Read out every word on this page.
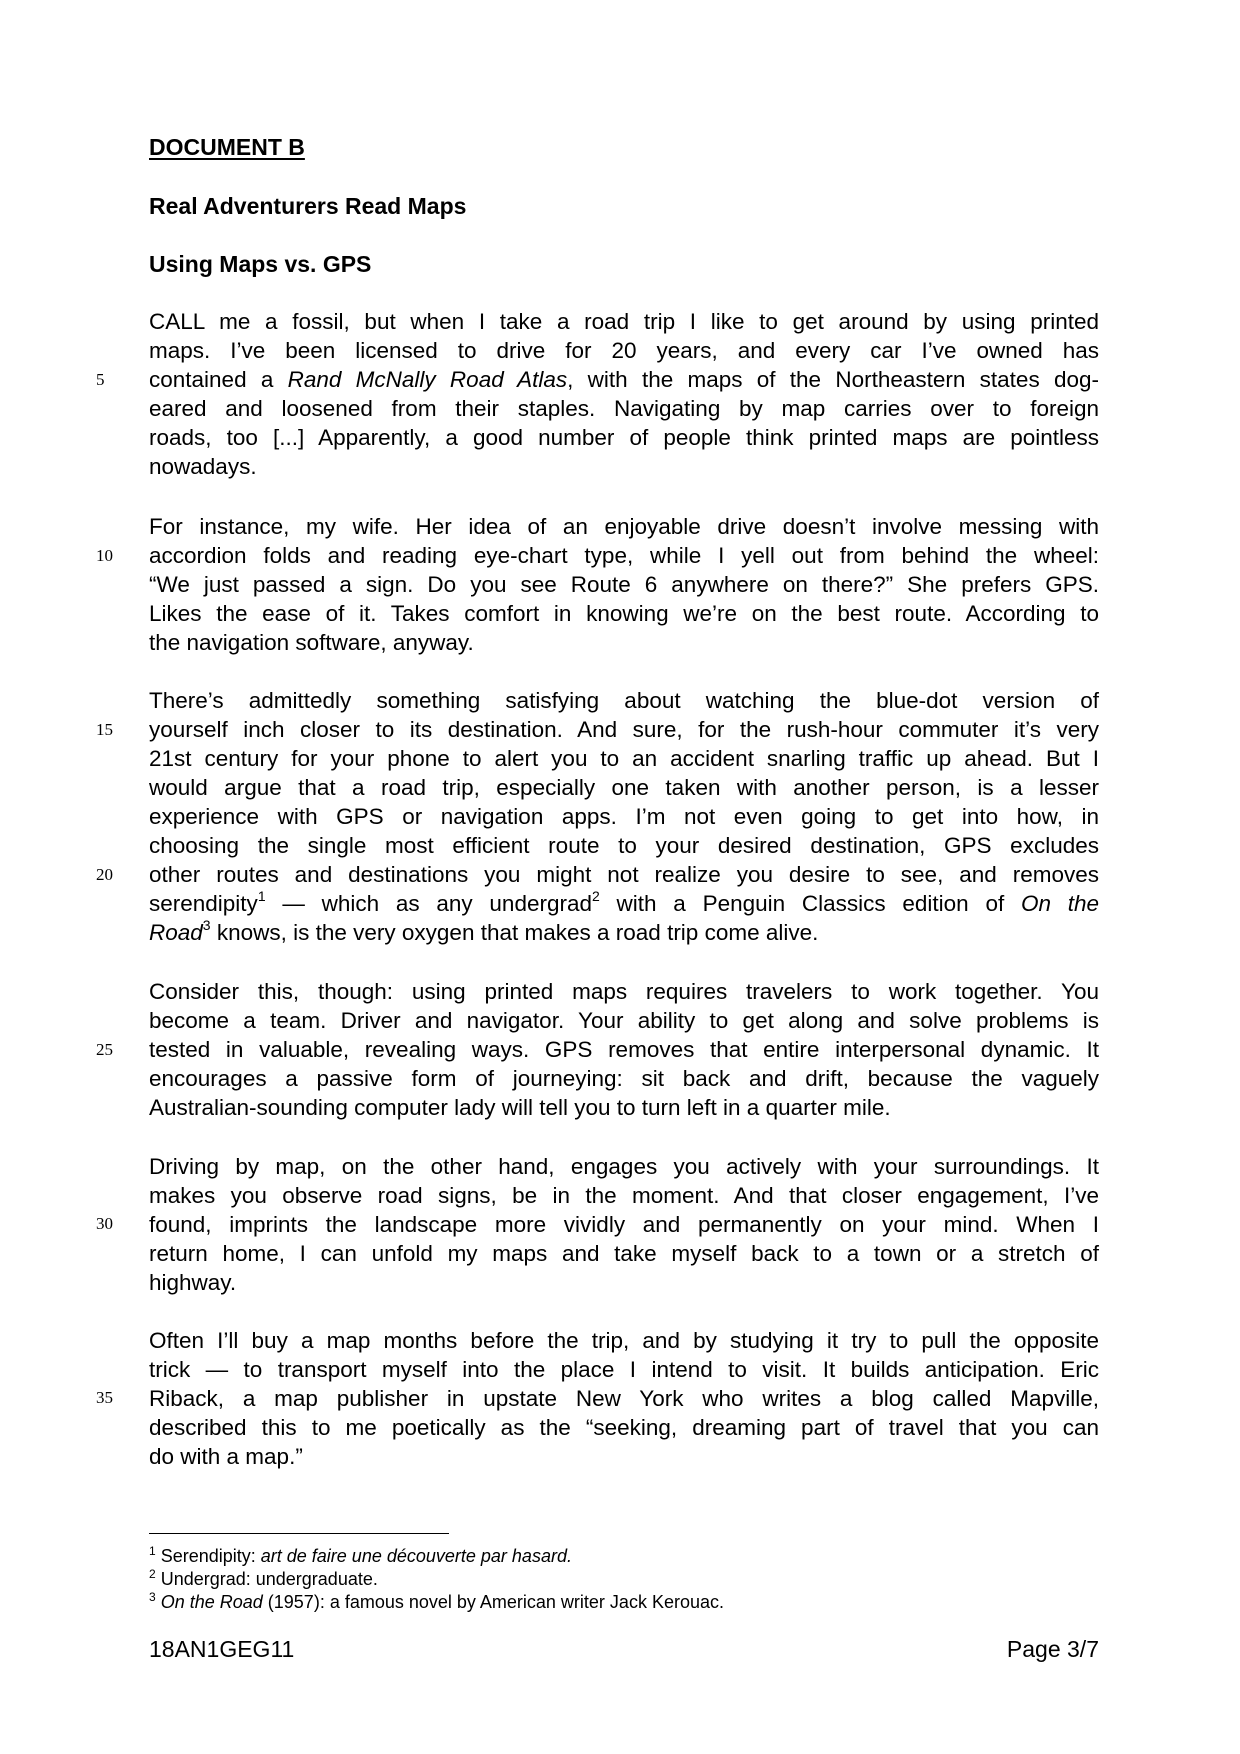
DOCUMENT B
Real Adventurers Read Maps
Using Maps vs. GPS
5
10
15
20
25
30
35
CALL me a fossil, but when I take a road trip I like to get around by using printed
maps. I’ve been licensed to drive for 20 years, and every car I’ve owned has
contained a Rand McNally Road Atlas, with the maps of the Northeastern states dog-
eared and loosened from their staples. Navigating by map carries over to foreign
roads, too [...] Apparently, a good number of people think printed maps are pointless
nowadays.
For instance, my wife. Her idea of an enjoyable drive doesn’t involve messing with
accordion folds and reading eye-chart type, while I yell out from behind the wheel:
“We just passed a sign. Do you see Route 6 anywhere on there?” She prefers GPS.
Likes the ease of it. Takes comfort in knowing we’re on the best route. According to
the navigation software, anyway.
There’s admittedly something satisfying about watching the blue-dot version of
yourself inch closer to its destination. And sure, for the rush-hour commuter it’s very
21st century for your phone to alert you to an accident snarling traffic up ahead. But I
would argue that a road trip, especially one taken with another person, is a lesser
experience with GPS or navigation apps. I’m not even going to get into how, in
choosing the single most efficient route to your desired destination, GPS excludes
other routes and destinations you might not realize you desire to see, and removes
serendipity$^1$ — which as any undergrad$^2$ with a Penguin Classics edition of On the
Road$^3$ knows, is the very oxygen that makes a road trip come alive.
Consider this, though: using printed maps requires travelers to work together. You
become a team. Driver and navigator. Your ability to get along and solve problems is
tested in valuable, revealing ways. GPS removes that entire interpersonal dynamic. It
encourages a passive form of journeying: sit back and drift, because the vaguely
Australian-sounding computer lady will tell you to turn left in a quarter mile.
Driving by map, on the other hand, engages you actively with your surroundings. It
makes you observe road signs, be in the moment. And that closer engagement, I’ve
found, imprints the landscape more vividly and permanently on your mind. When I
return home, I can unfold my maps and take myself back to a town or a stretch of
highway.
Often I’ll buy a map months before the trip, and by studying it try to pull the opposite
trick — to transport myself into the place I intend to visit. It builds anticipation. Eric
Riback, a map publisher in upstate New York who writes a blog called Mapville,
described this to me poetically as the “seeking, dreaming part of travel that you can
do with a map.”
$^1$ Serendipity: art de faire une découverte par hasard.
$^2$ Undergrad: undergraduate.
$^3$ On the Road (1957): a famous novel by American writer Jack Kerouac.
18AN1GEG11	Page 3/7
